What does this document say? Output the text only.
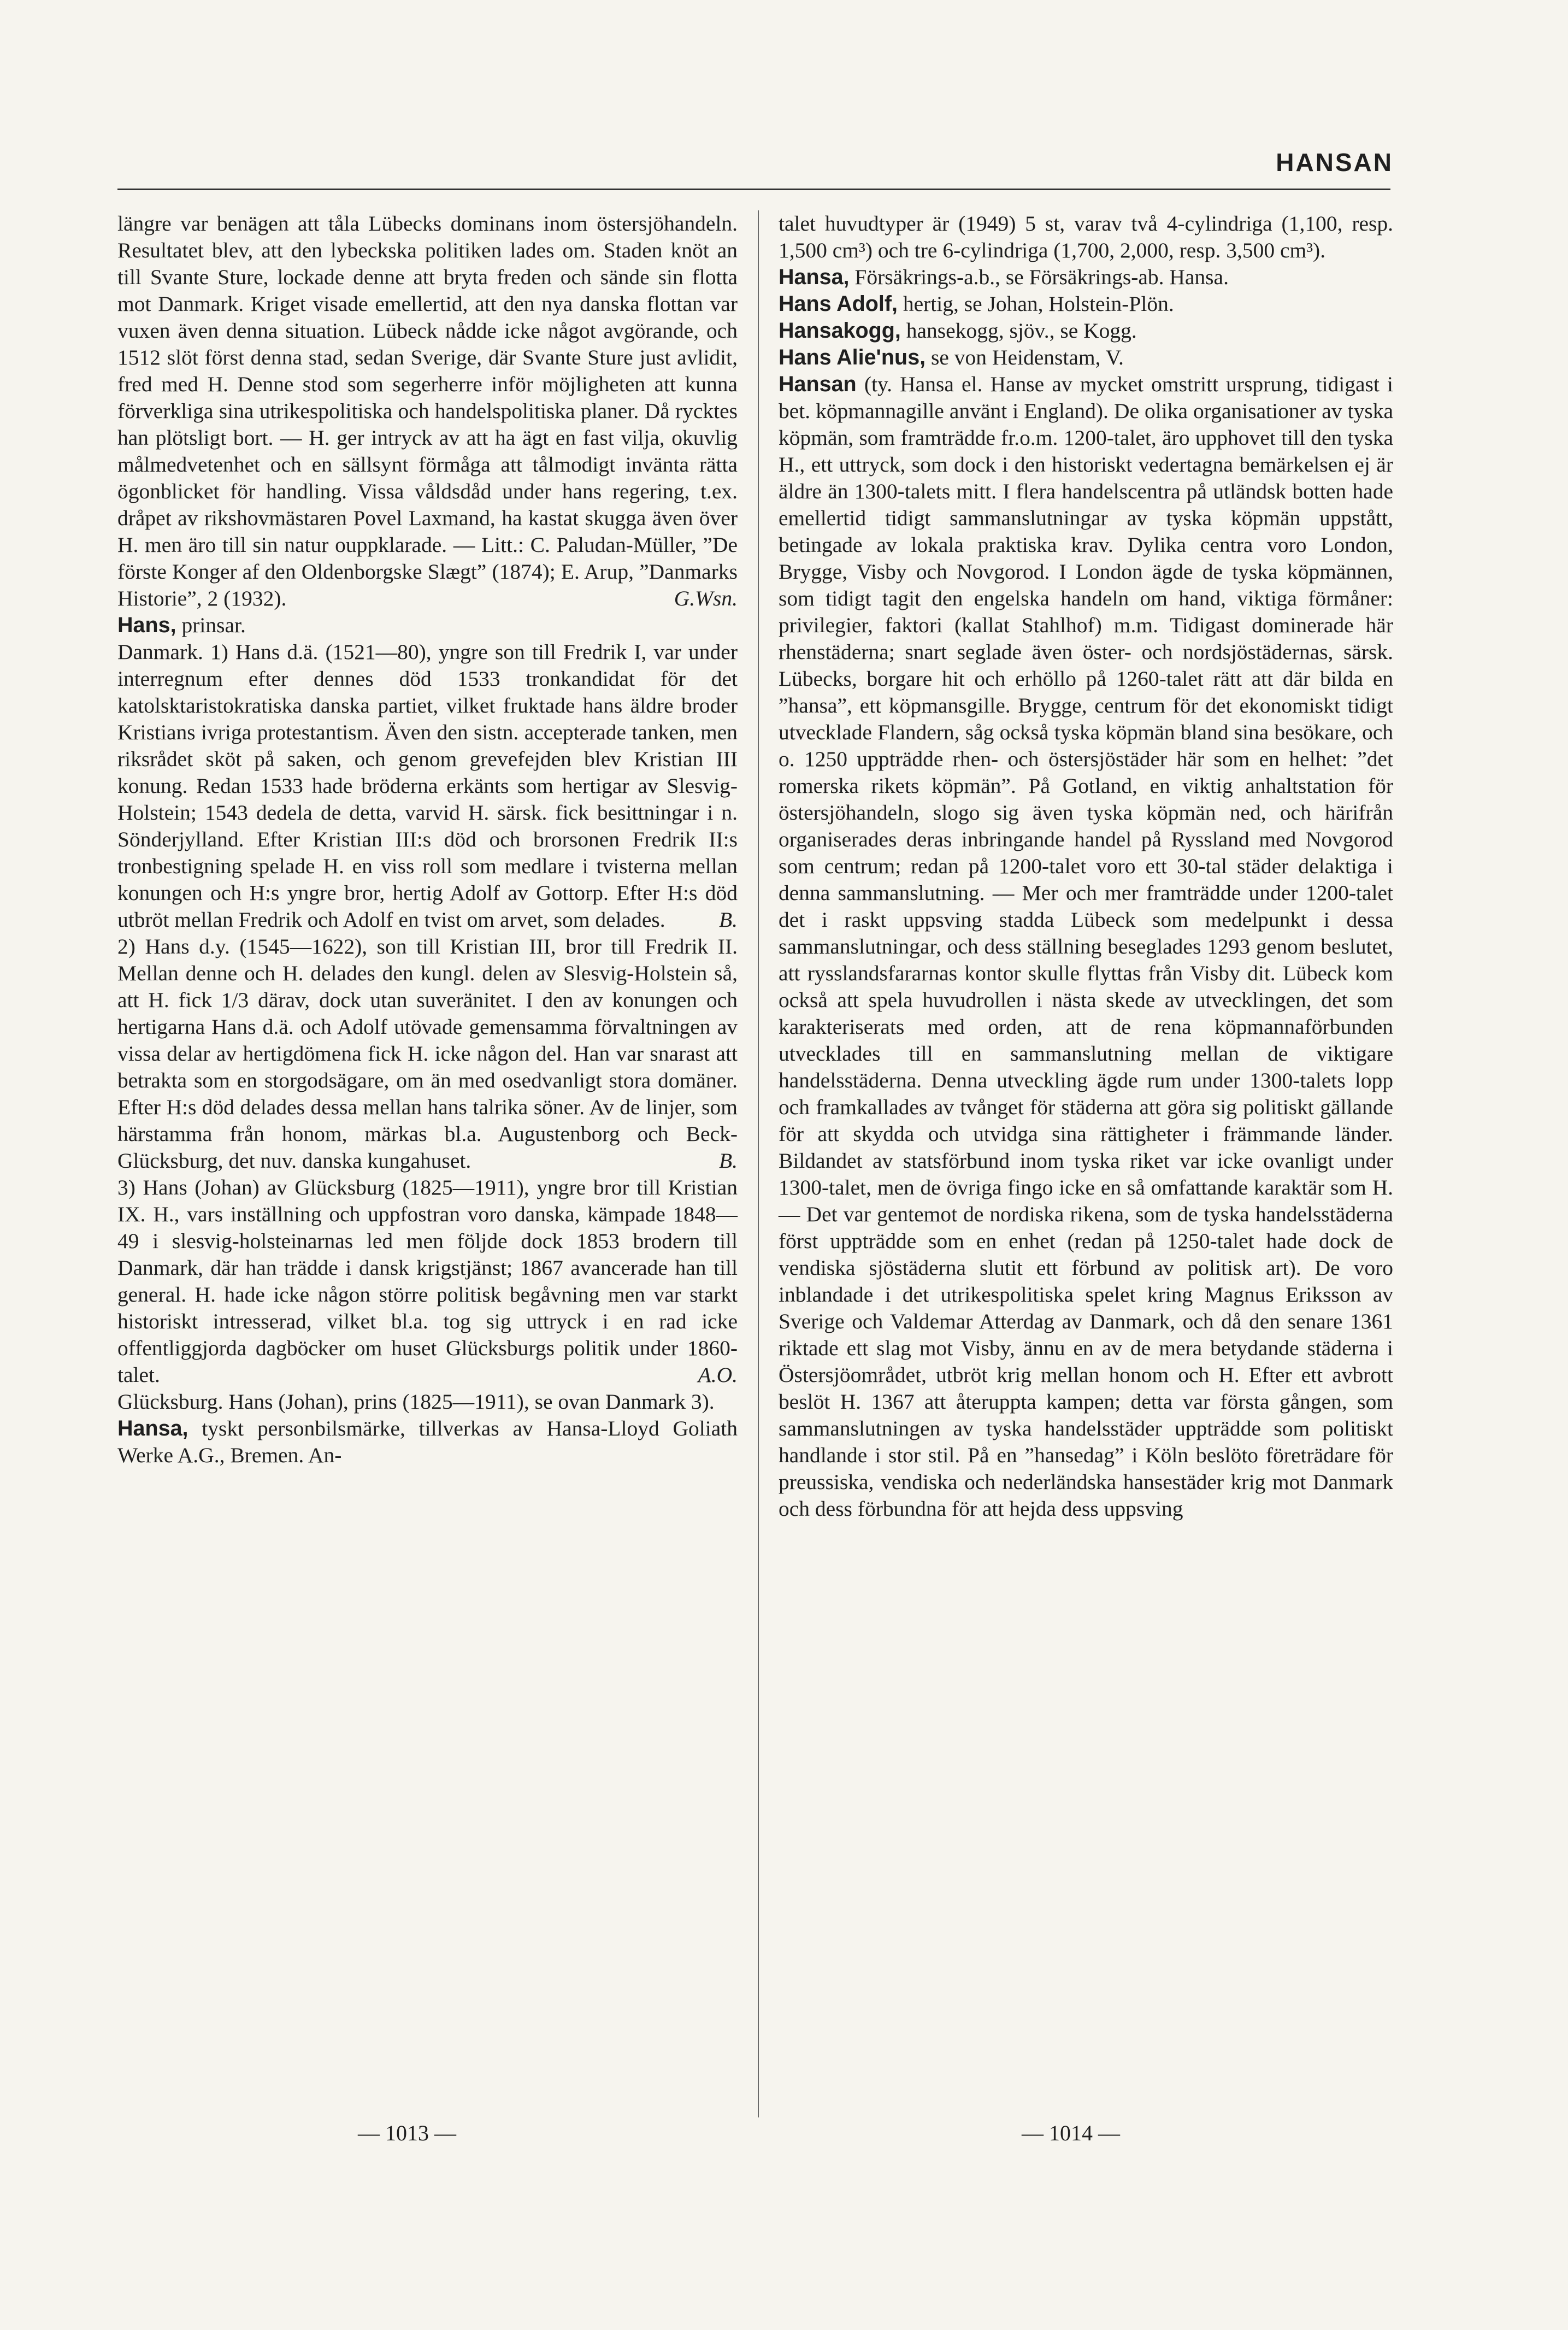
HANSAN

längre var benägen att tåla Lübecks dominans inom östersjöhandeln. Resultatet blev, att den lybeckska politiken lades om. Staden knöt an till Svante Sture, lockade denne att bryta freden och sände sin flotta mot Danmark. Kriget visade emellertid, att den nya danska flottan var vuxen även denna situation. Lübeck nådde icke något avgörande, och 1512 slöt först denna stad, sedan Sverige, där Svante Sture just avlidit, fred med H. Denne stod som segerherre inför möjligheten att kunna förverkliga sina utrikespolitiska och handelspolitiska planer. Då rycktes han plötsligt bort. — H. ger intryck av att ha ägt en fast vilja, okuvlig målmedvetenhet och en sällsynt förmåga att tålmodigt invänta rätta ögonblicket för handling. Vissa våldsdåd under hans regering, t.ex. dråpet av rikshovmästaren Povel Laxmand, ha kastat skugga även över H. men äro till sin natur ouppklarade. — Litt.: C. Paludan-Müller, ”De förste Konger af den Oldenborgske Slægt” (1874); E. Arup, ”Danmarks Historie”, 2 (1932).	G.Wsn.

Hans, prinsar.

Danmark. 1) Hans d.ä. (1521—80), yngre son till Fredrik I, var under interregnum efter dennes död 1533 tronkandidat för det katolsktaristokratiska danska partiet, vilket fruktade hans äldre broder Kristians ivriga protestantism. Även den sistn. accepterade tanken, men riksrådet sköt på saken, och genom grevefejden blev Kristian III konung. Redan 1533 hade bröderna erkänts som hertigar av Slesvig-Holstein; 1543 dedela de detta, varvid H. särsk. fick besittningar i n. Sönderjylland. Efter Kristian III:s död och brorsonen Fredrik II:s tronbestigning spelade H. en viss roll som medlare i tvisterna mellan konungen och H:s yngre bror, hertig Adolf av Gottorp. Efter H:s död utbröt mellan Fredrik och Adolf en tvist om arvet, som delades. B.

2) Hans d.y. (1545—1622), son till Kristian III, bror till Fredrik II. Mellan denne och H. delades den kungl. delen av Slesvig-Holstein så, att H. fick 1/3 därav, dock utan suveränitet. I den av konungen och hertigarna Hans d.ä. och Adolf utövade gemensamma förvaltningen av vissa delar av hertigdömena fick H. icke någon del. Han var snarast att betrakta som en storgodsägare, om än med osedvanligt stora domäner. Efter H:s död delades dessa mellan hans talrika söner. Av de linjer, som härstamma från honom, märkas bl.a. Augustenborg och Beck-Glücksburg, det nuv. danska kungahuset.	B.

3) Hans (Johan) av Glücksburg (1825—1911), yngre bror till Kristian IX. H., vars inställning och uppfostran voro danska, kämpade 1848—49 i slesvig-holsteinarnas led men följde dock 1853 brodern till Danmark, där han trädde i dansk krigstjänst; 1867 avancerade han till general. H. hade icke någon större politisk begåvning men var starkt historiskt intresserad, vilket bl.a. tog sig uttryck i en rad icke offentliggjorda dagböcker om huset Glücksburgs politik under 1860-talet.	A.O.

Glücksburg. Hans (Johan), prins (1825—1911), se ovan Danmark 3).

Hansa, tyskt personbilsmärke, tillverkas av Hansa-Lloyd Goliath Werke A.G., Bremen. An-

talet huvudtyper är (1949) 5 st, varav två 4-cylindriga (1,100, resp. 1,500 cm³) och tre 6-cylindriga (1,700, 2,000, resp. 3,500 cm³).

Hansa, Försäkrings-a.b., se Försäkrings-ab. Hansa.

Hans Adolf, hertig, se Johan, Holstein-Plön.

Hansakogg, hansekogg, sjöv., se Kogg.

Hans Alie'nus, se von Heidenstam, V.

Hansan (ty. Hansa el. Hanse av mycket omstritt ursprung, tidigast i bet. köpmannagille använt i England). De olika organisationer av tyska köpmän, som framträdde fr.o.m. 1200-talet, äro upphovet till den tyska H., ett uttryck, som dock i den historiskt vedertagna bemärkelsen ej är äldre än 1300-talets mitt. I flera handelscentra på utländsk botten hade emellertid tidigt sammanslutningar av tyska köpmän uppstått, betingade av lokala praktiska krav. Dylika centra voro London, Brygge, Visby och Novgorod. I London ägde de tyska köpmännen, som tidigt tagit den engelska handeln om hand, viktiga förmåner: privilegier, faktori (kallat Stahlhof) m.m. Tidigast dominerade här rhenstäderna; snart seglade även öster- och nordsjöstädernas, särsk. Lübecks, borgare hit och erhöllo på 1260-talet rätt att där bilda en ”hansa”, ett köpmansgille. Brygge, centrum för det ekonomiskt tidigt utvecklade Flandern, såg också tyska köpmän bland sina besökare, och o. 1250 uppträdde rhen- och östersjöstäder här som en helhet: ”det romerska rikets köpmän”. På Gotland, en viktig anhaltstation för östersjöhandeln, slogo sig även tyska köpmän ned, och härifrån organiserades deras inbringande handel på Ryssland med Novgorod som centrum; redan på 1200-talet voro ett 30-tal städer delaktiga i denna sammanslutning. — Mer och mer framträdde under 1200-talet det i raskt uppsving stadda Lübeck som medelpunkt i dessa sammanslutningar, och dess ställning beseglades 1293 genom beslutet, att rysslandsfararnas kontor skulle flyttas från Visby dit. Lübeck kom också att spela huvudrollen i nästa skede av utvecklingen, det som karakteriserats med orden, att de rena köpmannaförbunden utvecklades till en sammanslutning mellan de viktigare handelsstäderna. Denna utveckling ägde rum under 1300-talets lopp och framkallades av tvånget för städerna att göra sig politiskt gällande för att skydda och utvidga sina rättigheter i främmande länder. Bildandet av statsförbund inom tyska riket var icke ovanligt under 1300-talet, men de övriga fingo icke en så omfattande karaktär som H. — Det var gentemot de nordiska rikena, som de tyska handelsstäderna först uppträdde som en enhet (redan på 1250-talet hade dock de vendiska sjöstäderna slutit ett förbund av politisk art). De voro inblandade i det utrikespolitiska spelet kring Magnus Eriksson av Sverige och Valdemar Atterdag av Danmark, och då den senare 1361 riktade ett slag mot Visby, ännu en av de mera betydande städerna i Östersjöområdet, utbröt krig mellan honom och H. Efter ett avbrott beslöt H. 1367 att återuppta kampen; detta var första gången, som sammanslutningen av tyska handelsstäder uppträdde som politiskt handlande i stor stil. På en ”hansedag” i Köln beslöto företrädare för preussiska, vendiska och nederländska hansestäder krig mot Danmark och dess förbundna för att hejda dess uppsving

— 1013 —	— 1014 —
